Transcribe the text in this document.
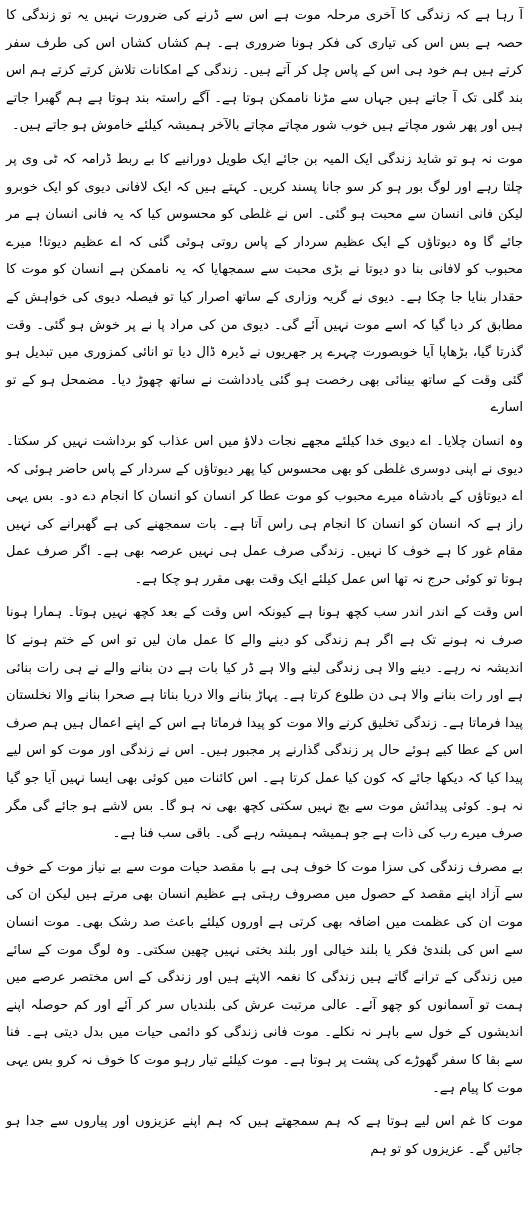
آ رہا ہے کہ زندگی کا آخری مرحلہ موت ہے اس سے ڈرنے کی ضرورت نہیں یہ تو زندگی کا حصہ ہے بس اس کی تیاری کی فکر ہونا ضروری ہے۔ ہم کشاں کشاں اس کی طرف سفر کرتے ہیں ہم خود ہی اس کے پاس چل کر آتے ہیں۔ زندگی کے امکانات تلاش کرتے کرتے ہم اس بند گلی تک آ جاتے ہیں جہاں سے مڑنا ناممکن ہوتا ہے۔ آگے راستہ بند ہوتا ہے ہم گھبرا جاتے ہیں اور پھر شور مچاتے ہیں خوب شور مچاتے مچاتے بالآخر ہمیشہ کیلئے خاموش ہو جاتے ہیں۔

موت نہ ہو تو شاید زندگی ایک المیہ بن جائے ایک طویل دورانیے کا بے ربط ڈرامہ کہ ٹی وی پر چلتا رہے اور لوگ بور ہو کر سو جانا پسند کریں۔ کہتے ہیں کہ ایک لافانی دیوی کو ایک خوبرو لیکن فانی انسان سے محبت ہو گئی۔ اس نے غلطی کو محسوس کیا کہ یہ فانی انسان ہے مر جائے گا وہ دیوتاؤں کے ایک عظیم سردار کے پاس روتی ہوئی گئی کہ اے عظیم دیوتا! میرے محبوب کو لافانی بنا دو دیوتا نے بڑی محبت سے سمجھایا کہ یہ ناممکن ہے انسان کو موت کا حقدار بنایا جا چکا ہے۔ دیوی نے گریہ وزاری کے ساتھ اصرار کیا تو فیصلہ دیوی کی خواہش کے مطابق کر دیا گیا کہ اسے موت نہیں آئے گی۔ دیوی من کی مراد پا نے پر خوش ہو گئی۔ وقت گذرتا گیا، بڑھاپا آیا خوبصورت چہرے پر جھریوں نے ڈیرہ ڈال دیا تو انائی کمزوری میں تبدیل ہو گئی وقت کے ساتھ بینائی بھی رخصت ہو گئی یادداشت نے ساتھ چھوڑ دیا۔ مضمحل ہو کے تو اسارے

وہ انسان چلایا۔ اے دیوی خدا کیلئے مجھے نجات دلاؤ میں اس عذاب کو برداشت نہیں کر سکتا۔ دیوی نے اپنی دوسری غلطی کو بھی محسوس کیا پھر دیوتاؤں کے سردار کے پاس حاضر ہوئی کہ اے دیوتاؤں کے بادشاہ میرے محبوب کو موت عطا کر انسان کو انسان کا انجام دے دو۔ بس یہی راز ہے کہ انسان کو انسان کا انجام ہی راس آتا ہے۔ بات سمجھنے کی ہے گھبرانے کی نہیں مقام غور کا ہے خوف کا نہیں۔ زندگی صرف عمل ہی نہیں عرصہ بھی ہے۔ اگر صرف عمل ہوتا تو کوئی حرج نہ تھا اس عمل کیلئے ایک وقت بھی مقرر ہو چکا ہے۔

اس وقت کے اندر اندر سب کچھ ہونا ہے کیونکہ اس وقت کے بعد کچھ نہیں ہوتا۔ ہمارا ہونا صرف نہ ہونے تک ہے اگر ہم زندگی کو دینے والے کا عمل مان لیں تو اس کے ختم ہونے کا اندیشہ نہ رہے۔ دینے والا ہی زندگی لینے والا ہے ڈر کیا بات ہے دن بنانے والے نے ہی رات بنائی ہے اور رات بنانے والا ہی دن طلوع کرتا ہے۔ پہاڑ بنانے والا دریا بناتا ہے صحرا بنانے والا نخلستان پیدا فرماتا ہے۔ زندگی تخلیق کرنے والا موت کو پیدا فرماتا ہے اس کے اپنے اعمال ہیں ہم صرف اس کے عطا کیے ہوئے حال پر زندگی گذارنے پر مجبور ہیں۔ اس نے زندگی اور موت کو اس لیے پیدا کیا کہ دیکھا جائے کہ کون کیا عمل کرتا ہے۔ اس کائنات میں کوئی بھی ایسا نہیں آیا جو گیا نہ ہو۔ کوئی پیدائش موت سے بچ نہیں سکتی کچھ بھی نہ ہو گا۔ بس لاشے ہو جائے گی مگر صرف میرے رب کی ذات ہے جو ہمیشہ ہمیشہ رہے گی۔ باقی سب فنا ہے۔

بے مصرف زندگی کی سزا موت کا خوف ہی ہے با مقصد حیات موت سے بے نیاز موت کے خوف سے آزاد اپنے مقصد کے حصول میں مصروف رہتی ہے عظیم انسان بھی مرتے ہیں لیکن ان کی موت ان کی عظمت میں اضافہ بھی کرتی ہے اوروں کیلئے باعث صد رشک بھی۔ موت انسان سے اس کی بلندئ فکر یا بلند خیالی اور بلند بختی نہیں چھین سکتی۔ وہ لوگ موت کے سائے میں زندگی کے ترانے گاتے ہیں زندگی کا نغمہ الاپتے ہیں اور زندگی کے اس مختصر عرصے میں ہمت تو آسمانوں کو چھو آئے۔ عالی مرتبت عرش کی بلندیاں سر کر آئے اور کم حوصلہ اپنے اندیشوں کے خول سے باہر نہ نکلے۔ موت فانی زندگی کو دائمی حیات میں بدل دیتی ہے۔ فنا سے بقا کا سفر گھوڑے کی پشت پر ہوتا ہے۔ موت کیلئے تیار رہو موت کا خوف نہ کرو بس یہی موت کا پیام ہے۔

موت کا غم اس لیے ہوتا ہے کہ ہم سمجھتے ہیں کہ ہم اپنے عزیزوں اور پیاروں سے جدا ہو جائیں گے۔ عزیزوں کو تو ہم
